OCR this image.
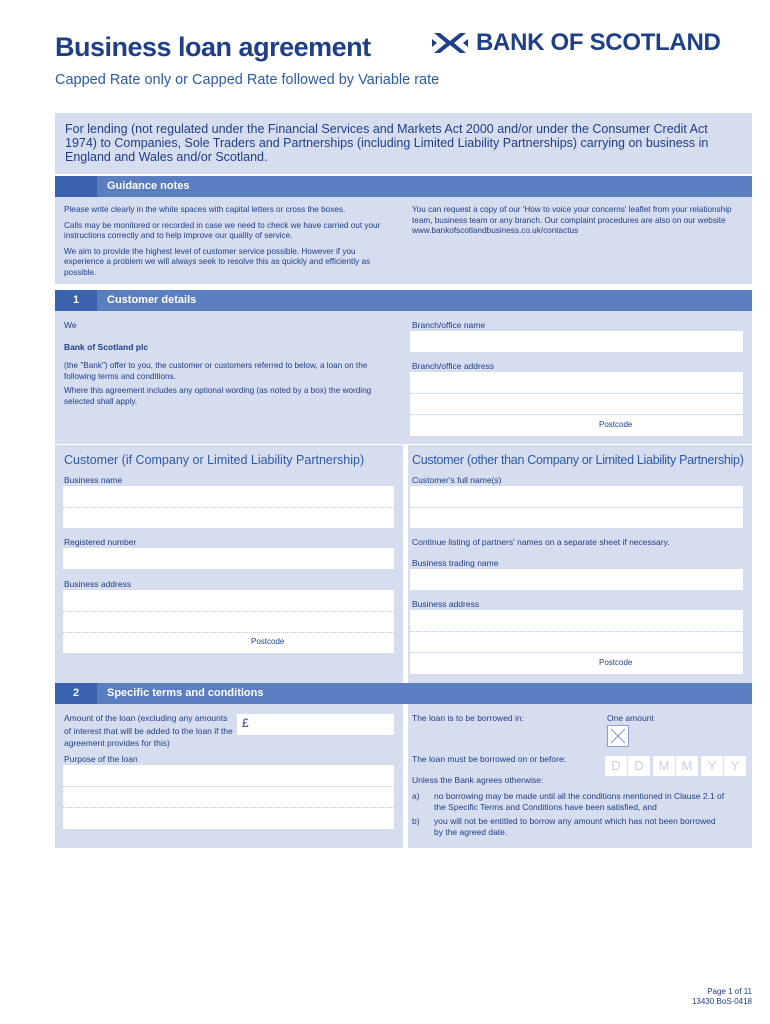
Business loan agreement
Capped Rate only or Capped Rate followed by Variable rate
BANK OF SCOTLAND
For lending (not regulated under the Financial Services and Markets Act 2000 and/or under the Consumer Credit Act 1974) to Companies, Sole Traders and Partnerships (including Limited Liability Partnerships) carrying on business in England and Wales and/or Scotland.
Guidance notes
Please write clearly in the white spaces with capital letters or cross the boxes.
Calls may be monitored or recorded in case we need to check we have carried out your instructions correctly and to help improve our quality of service.
We aim to provide the highest level of customer service possible. However if you experience a problem we will always seek to resolve this as quickly and efficiently as possible.
You can request a copy of our 'How to voice your concerns' leaflet from your relationship team, business team or any branch. Our complaint procedures are also on our website www.bankofscotlandbusiness.co.uk/contactus
1	Customer details
We
Bank of Scotland plc
(the "Bank") offer to you, the customer or customers referred to below, a loan on the following terms and conditions.
Where this agreement includes any optional wording (as noted by a box) the wording selected shall apply.
Branch/office name
Branch/office address
Postcode
Customer (if Company or Limited Liability Partnership)
Business name
Registered number
Business address
Postcode
Customer (other than Company or Limited Liability Partnership)
Customer's full name(s)
Continue listing of partners' names on a separate sheet if necessary.
Business trading name
Business address
Postcode
2	Specific terms and conditions
Amount of the loan (excluding any amounts of interest that will be added to the loan if the agreement provides for this)
£
Purpose of the loan
The loan is to be borrowed in:	One amount
The loan must be borrowed on or before:	D	D	M M	Y	Y
Unless the Bank agrees otherwise:
a) no borrowing may be made until all the conditions mentioned in Clause 2.1 of the Specific Terms and Conditions have been satisfied, and
b) you will not be entitled to borrow any amount which has not been borrowed by the agreed date.
Page 1 of 11
13430 BoS-0418
